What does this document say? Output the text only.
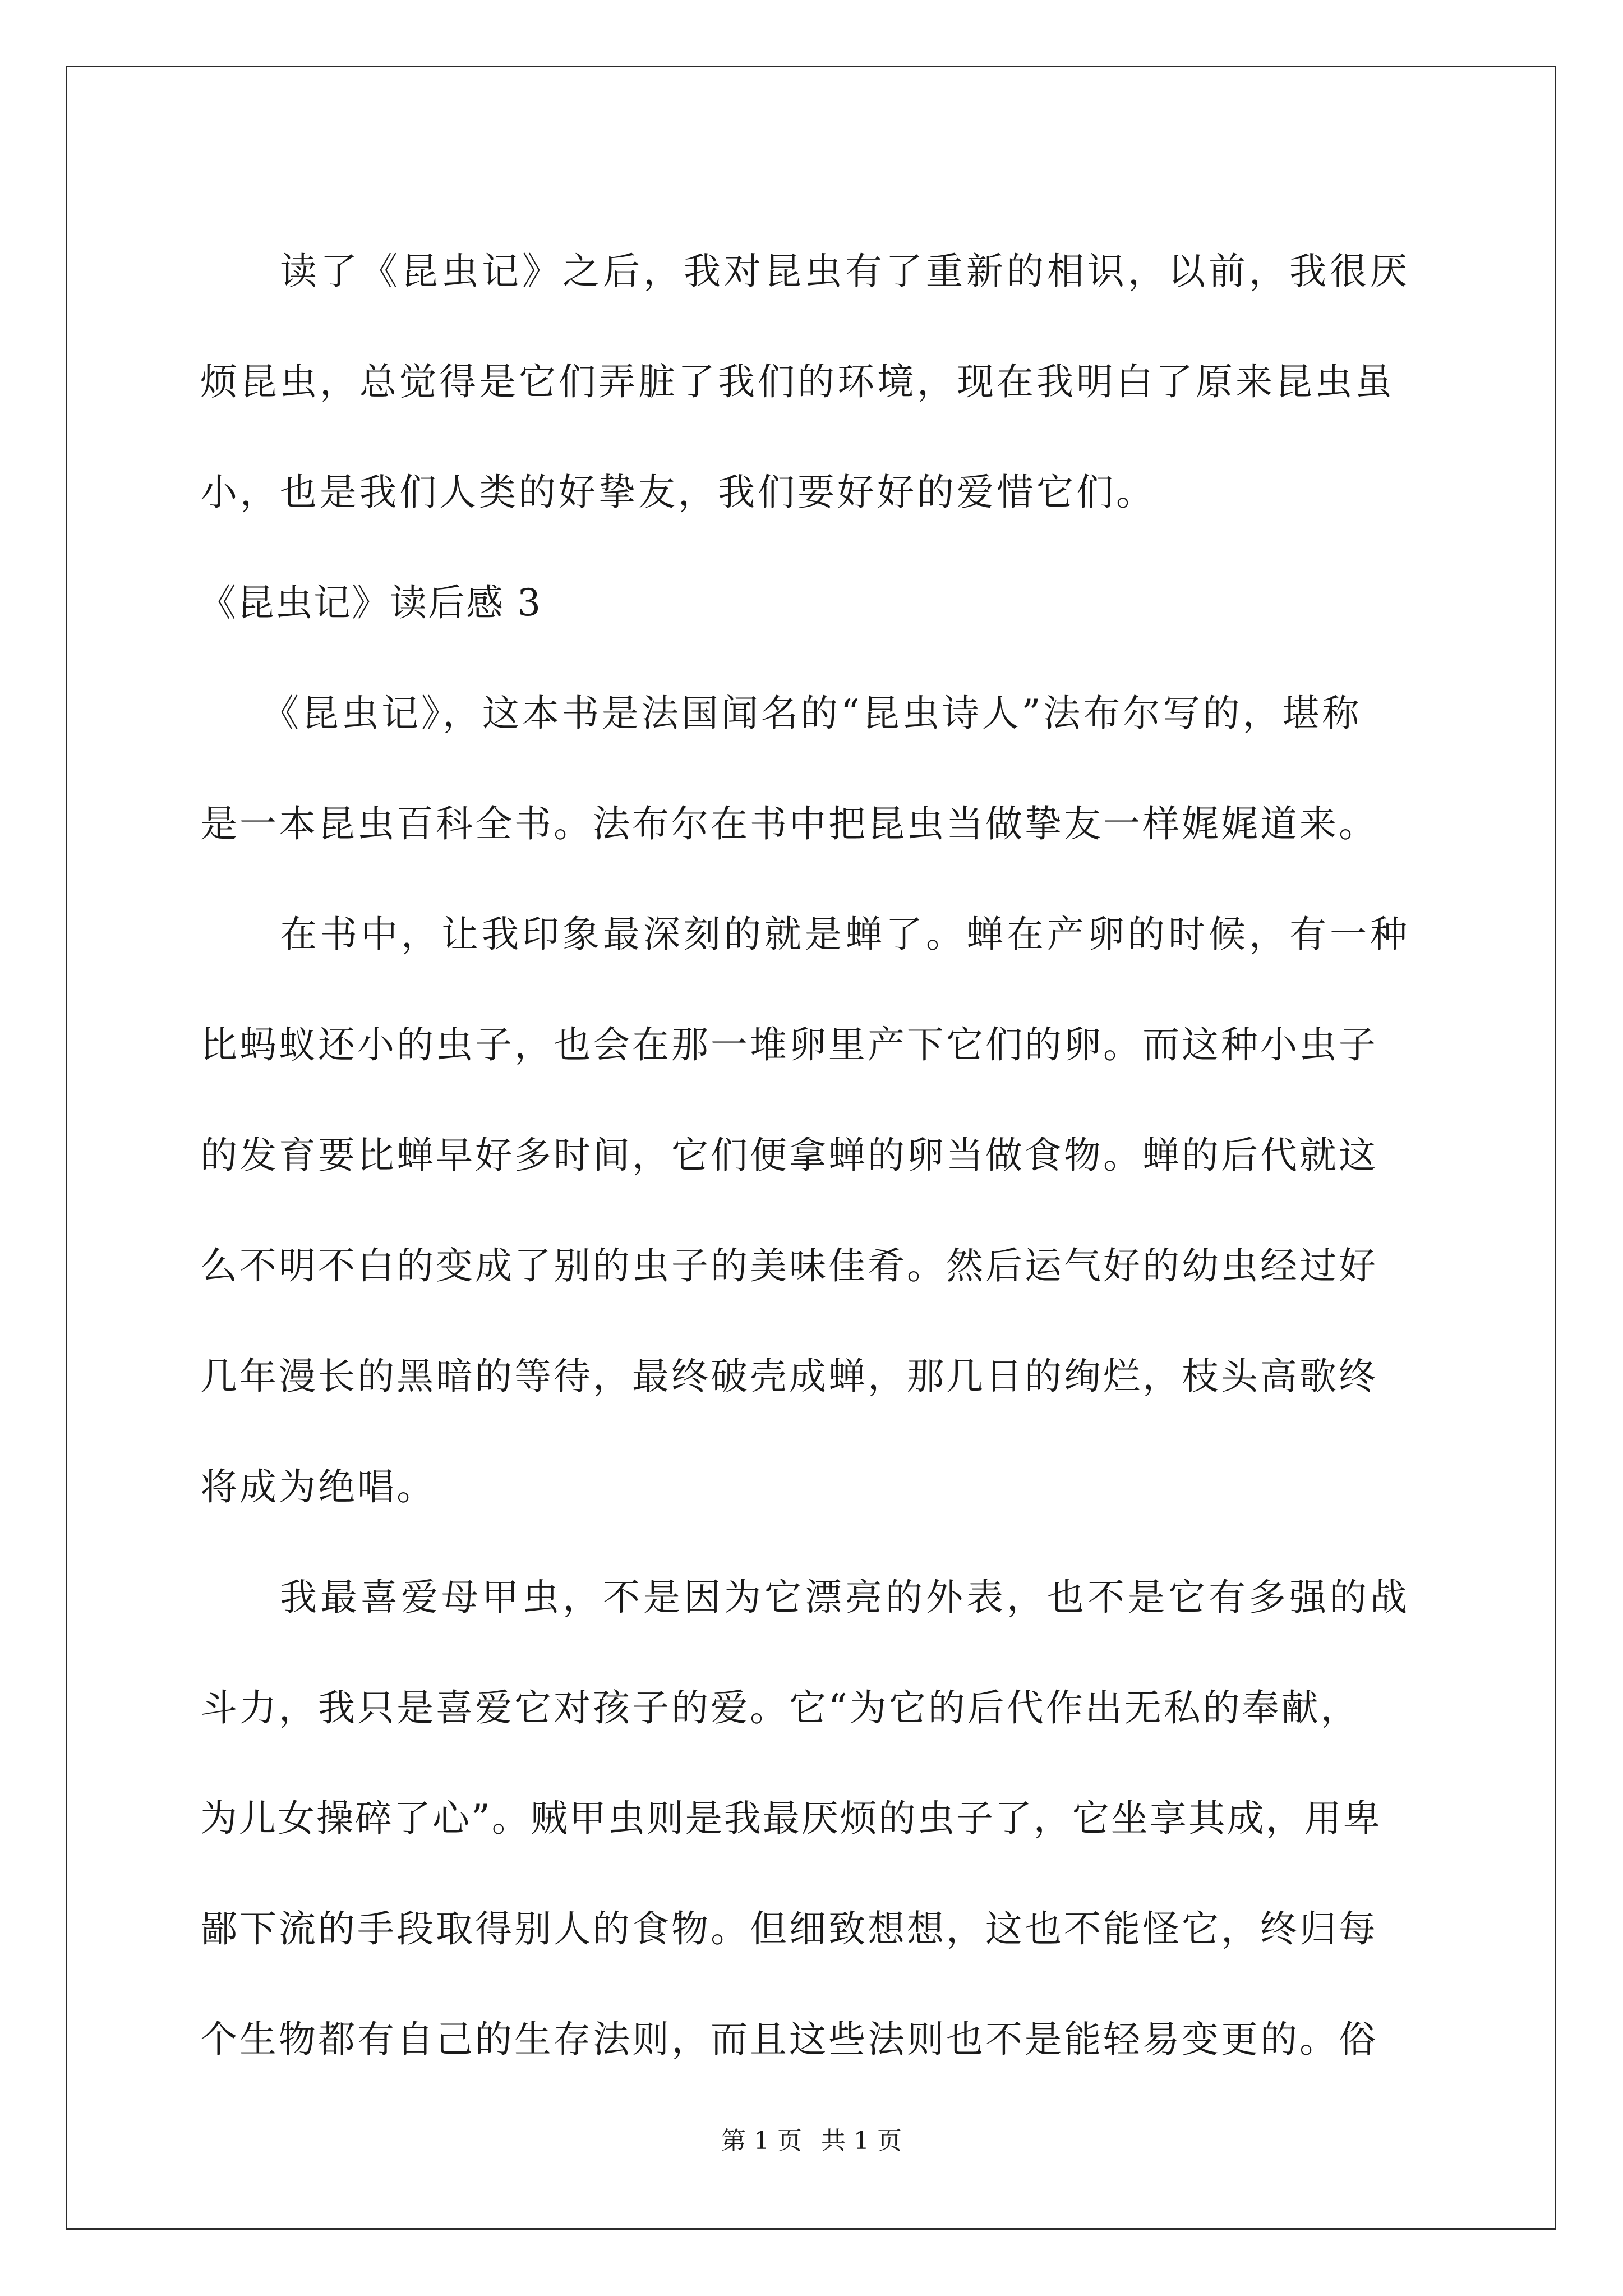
读了《昆虫记》之后，我对昆虫有了重新的相识，以前，我很厌
烦昆虫，总觉得是它们弄脏了我们的环境，现在我明白了原来昆虫虽
小，也是我们人类的好挚友，我们要好好的爱惜它们。

《昆虫记》读后感 3

《昆虫记》，这本书是法国闻名的“昆虫诗人”法布尔写的，堪称
是一本昆虫百科全书。法布尔在书中把昆虫当做挚友一样娓娓道来。

在书中，让我印象最深刻的就是蝉了。蝉在产卵的时候，有一种
比蚂蚁还小的虫子，也会在那一堆卵里产下它们的卵。而这种小虫子
的发育要比蝉早好多时间，它们便拿蝉的卵当做食物。蝉的后代就这
么不明不白的变成了别的虫子的美味佳肴。然后运气好的幼虫经过好
几年漫长的黑暗的等待，最终破壳成蝉，那几日的绚烂，枝头高歌终
将成为绝唱。

我最喜爱母甲虫，不是因为它漂亮的外表，也不是它有多强的战
斗力，我只是喜爱它对孩子的爱。它“为它的后代作出无私的奉献，
为儿女操碎了心”。贼甲虫则是我最厌烦的虫子了，它坐享其成，用卑
鄙下流的手段取得别人的食物。但细致想想，这也不能怪它，终归每
个生物都有自己的生存法则，而且这些法则也不是能轻易变更的。俗

第 1 页 共 1 页
